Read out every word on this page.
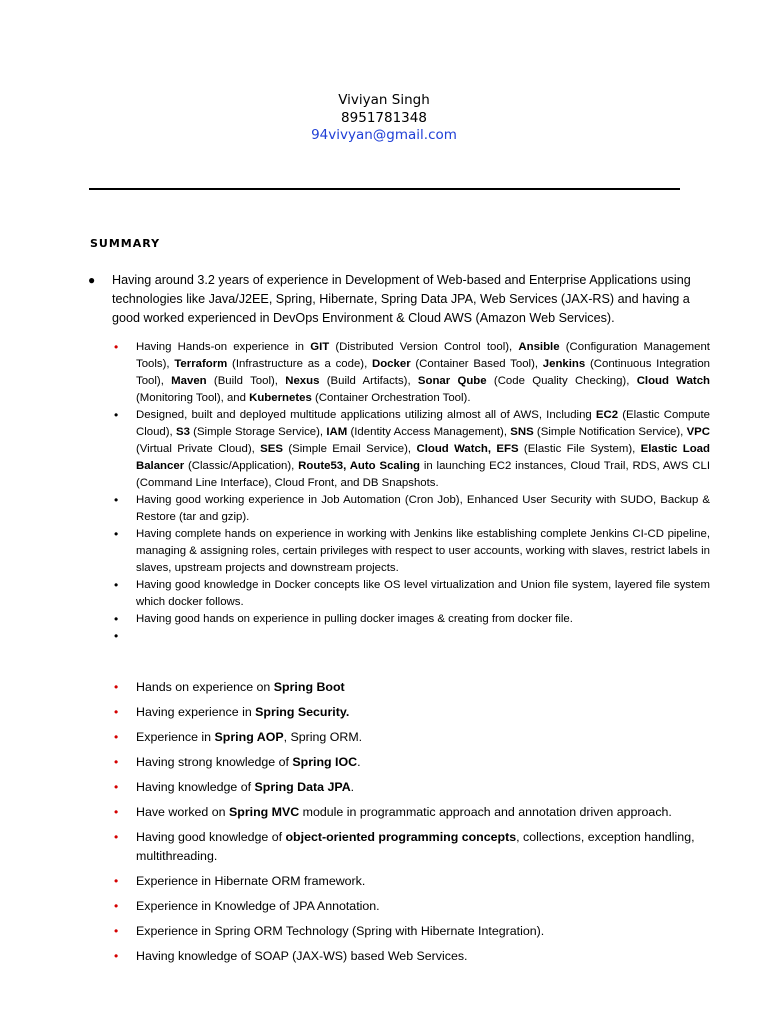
Viviyan Singh
8951781348
94vivyan@gmail.com
SUMMARY
● Having around 3.2 years of experience in Development of Web-based and Enterprise Applications using technologies like Java/J2EE, Spring, Hibernate, Spring Data JPA, Web Services (JAX-RS) and having a good worked experienced in DevOps Environment & Cloud AWS (Amazon Web Services).
• Having Hands-on experience in GIT (Distributed Version Control tool), Ansible (Configuration Management Tools), Terraform (Infrastructure as a code), Docker (Container Based Tool), Jenkins (Continuous Integration Tool), Maven (Build Tool), Nexus (Build Artifacts), Sonar Qube (Code Quality Checking), Cloud Watch (Monitoring Tool), and Kubernetes (Container Orchestration Tool).
• Designed, built and deployed multitude applications utilizing almost all of AWS, Including EC2 (Elastic Compute Cloud), S3 (Simple Storage Service), IAM (Identity Access Management), SNS (Simple Notification Service), VPC (Virtual Private Cloud), SES (Simple Email Service), Cloud Watch, EFS (Elastic File System), Elastic Load Balancer (Classic/Application), Route53, Auto Scaling in launching EC2 instances, Cloud Trail, RDS, AWS CLI (Command Line Interface), Cloud Front, and DB Snapshots.
• Having good working experience in Job Automation (Cron Job), Enhanced User Security with SUDO, Backup & Restore (tar and gzip).
• Having complete hands on experience in working with Jenkins like establishing complete Jenkins CI-CD pipeline, managing & assigning roles, certain privileges with respect to user accounts, working with slaves, restrict labels in slaves, upstream projects and downstream projects.
• Having good knowledge in Docker concepts like OS level virtualization and Union file system, layered file system which docker follows.
• Having good hands on experience in pulling docker images & creating from docker file.
•
• Hands on experience on Spring Boot
• Having experience in Spring Security.
• Experience in Spring AOP, Spring ORM.
• Having strong knowledge of Spring IOC.
• Having knowledge of Spring Data JPA.
• Have worked on Spring MVC module in programmatic approach and annotation driven approach.
• Having good knowledge of object-oriented programming concepts, collections, exception handling, multithreading.
• Experience in Hibernate ORM framework.
• Experience in Knowledge of JPA Annotation.
• Experience in Spring ORM Technology (Spring with Hibernate Integration).
• Having knowledge of SOAP (JAX-WS) based Web Services.
